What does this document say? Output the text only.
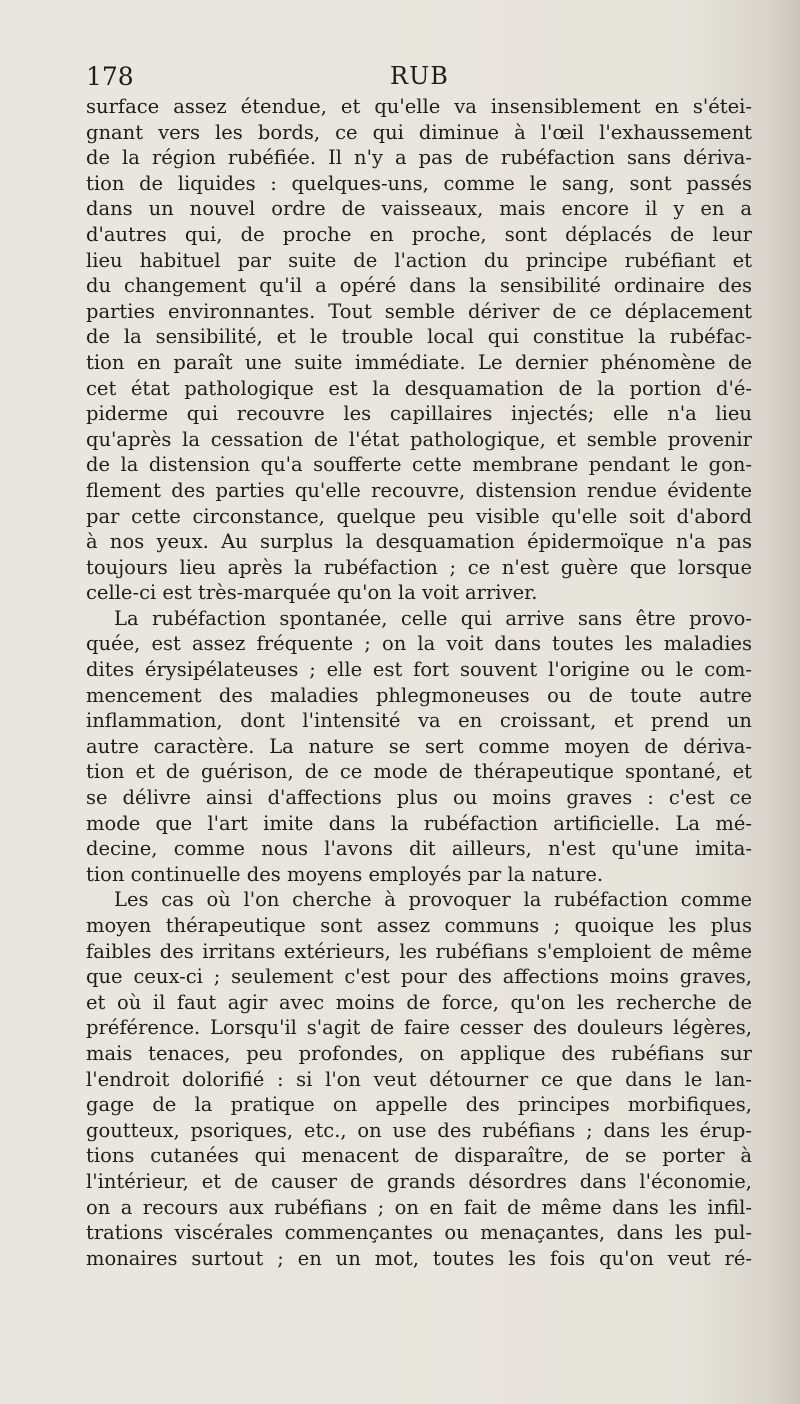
178	RUB
surface assez étendue, et qu'elle va insensiblement en s'étei-
gnant vers les bords, ce qui diminue à l'œil l'exhaussement
de la région rubéfiée. Il n'y a pas de rubéfaction sans dériva-
tion de liquides : quelques-uns, comme le sang, sont passés
dans un nouvel ordre de vaisseaux, mais encore il y en a
d'autres qui, de proche en proche, sont déplacés de leur
lieu habituel par suite de l'action du principe rubéfiant et
du changement qu'il a opéré dans la sensibilité ordinaire des
parties environnantes. Tout semble dériver de ce déplacement
de la sensibilité, et le trouble local qui constitue la rubéfac-
tion en paraît une suite immédiate. Le dernier phénomène de
cet état pathologique est la desquamation de la portion d'é-
piderme qui recouvre les capillaires injectés; elle n'a lieu
qu'après la cessation de l'état pathologique, et semble provenir
de la distension qu'a soufferte cette membrane pendant le gon-
flement des parties qu'elle recouvre, distension rendue évidente
par cette circonstance, quelque peu visible qu'elle soit d'abord
à nos yeux. Au surplus la desquamation épidermoïque n'a pas
toujours lieu après la rubéfaction ; ce n'est guère que lorsque
celle-ci est très-marquée qu'on la voit arriver.
La rubéfaction spontanée, celle qui arrive sans être provo-
quée, est assez fréquente ; on la voit dans toutes les maladies
dites érysipélateuses ; elle est fort souvent l'origine ou le com-
mencement des maladies phlegmoneuses ou de toute autre
inflammation, dont l'intensité va en croissant, et prend un
autre caractère. La nature se sert comme moyen de dériva-
tion et de guérison, de ce mode de thérapeutique spontané, et
se délivre ainsi d'affections plus ou moins graves : c'est ce
mode que l'art imite dans la rubéfaction artificielle. La mé-
decine, comme nous l'avons dit ailleurs, n'est qu'une imita-
tion continuelle des moyens employés par la nature.
Les cas où l'on cherche à provoquer la rubéfaction comme
moyen thérapeutique sont assez communs ; quoique les plus
faibles des irritans extérieurs, les rubéfians s'emploient de même
que ceux-ci ; seulement c'est pour des affections moins graves,
et où il faut agir avec moins de force, qu'on les recherche de
préférence. Lorsqu'il s'agit de faire cesser des douleurs légères,
mais tenaces, peu profondes, on applique des rubéfians sur
l'endroit dolorifié : si l'on veut détourner ce que dans le lan-
gage de la pratique on appelle des principes morbifiques,
goutteux, psoriques, etc., on use des rubéfians ; dans les érup-
tions cutanées qui menacent de disparaître, de se porter à
l'intérieur, et de causer de grands désordres dans l'économie,
on a recours aux rubéfians ; on en fait de même dans les infil-
trations viscérales commençantes ou menaçantes, dans les pul-
monaires surtout ; en un mot, toutes les fois qu'on veut ré-
